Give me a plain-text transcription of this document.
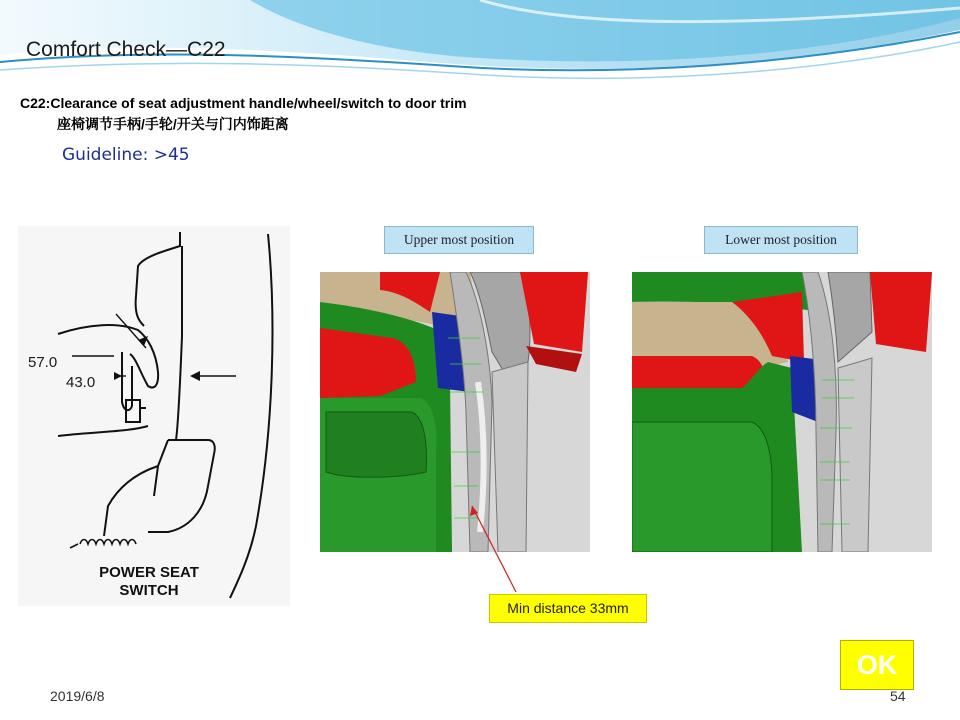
Comfort Check—C22
C22:Clearance of seat adjustment handle/wheel/switch to door trim
座椅调节手柄/手轮/开关与门内饰距离
Guideline: >45
57.0
43.0
POWER SEAT
SWITCH
Upper most position	Lower most position
Min distance 33mm
OK
2019/6/8	54
